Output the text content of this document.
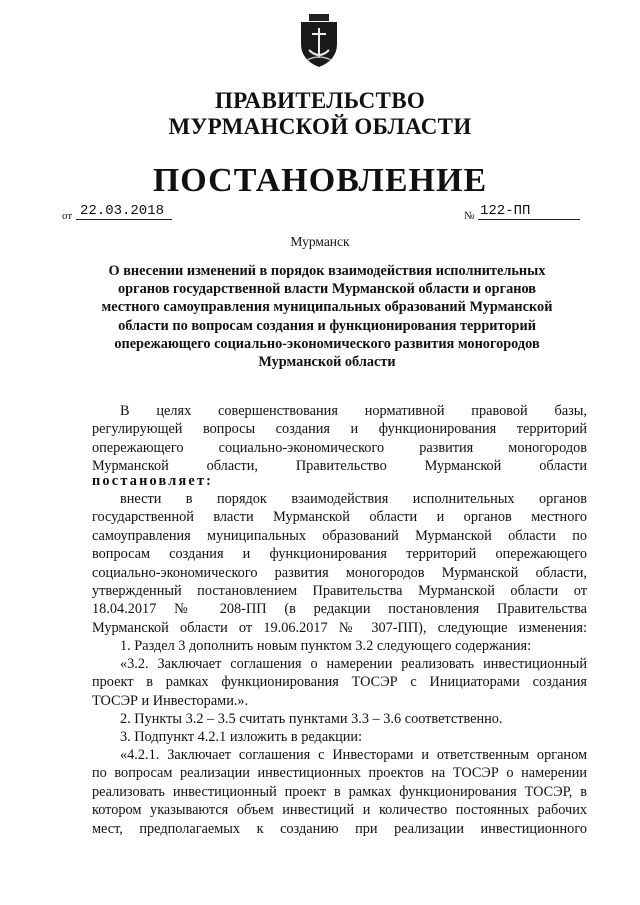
ПРАВИТЕЛЬСТВО
МУРМАНСКОЙ ОБЛАСТИ
ПОСТАНОВЛЕНИЕ
от 22.03.2018	№ 122-ПП
Мурманск
О внесении изменений в порядок взаимодействия исполнительных
органов государственной власти Мурманской области и органов
местного самоуправления муниципальных образований Мурманской
области по вопросам создания и функционирования территорий
опережающего социально-экономического развития моногородов
Мурманской области
В целях совершенствования нормативной правовой базы,
регулирующей вопросы создания и функционирования территорий
опережающего социально-экономического развития моногородов
Мурманской области, Правительство Мурманской области
постановляет:
внести в порядок взаимодействия исполнительных органов
государственной власти Мурманской области и органов местного
самоуправления муниципальных образований Мурманской области по
вопросам создания и функционирования территорий опережающего
социально-экономического развития моногородов Мурманской области,
утвержденный постановлением Правительства Мурманской области от
18.04.2017 № 208-ПП (в редакции постановления Правительства
Мурманской области от 19.06.2017 № 307-ПП), следующие изменения:
1. Раздел 3 дополнить новым пунктом 3.2 следующего содержания:
«3.2. Заключает соглашения о намерении реализовать инвестиционный
проект в рамках функционирования ТОСЭР с Инициаторами создания
ТОСЭР и Инвесторами.».
2. Пункты 3.2 – 3.5 считать пунктами 3.3 – 3.6 соответственно.
3. Подпункт 4.2.1 изложить в редакции:
«4.2.1. Заключает соглашения с Инвесторами и ответственным органом
по вопросам реализации инвестиционных проектов на ТОСЭР о намерении
реализовать инвестиционный проект в рамках функционирования ТОСЭР, в
котором указываются объем инвестиций и количество постоянных рабочих
мест, предполагаемых к созданию при реализации инвестиционного
